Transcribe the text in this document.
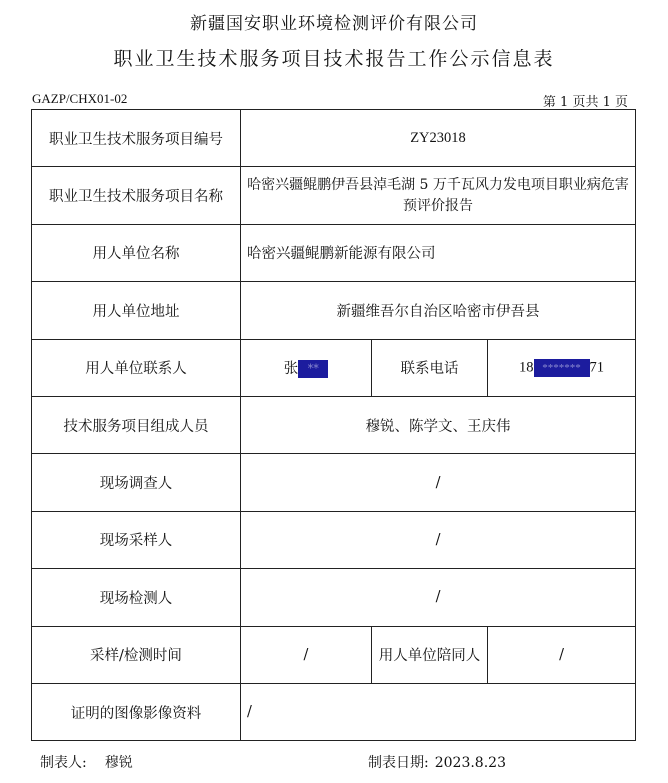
新疆国安职业环境检测评价有限公司
职业卫生技术服务项目技术报告工作公示信息表
GAZP/CHX01-02	第 1 页共 1 页
职业卫生技术服务项目编号	ZY23018		
职业卫生技术服务项目名称	哈密兴疆鲲鹏伊吾县淖毛湖 5 万千瓦风力发电项目职业病危害预评价报告		
用人单位名称	哈密兴疆鲲鹏新能源有限公司		
用人单位地址	新疆维吾尔自治区哈密市伊吾县		
用人单位联系人	张 **	联系电话	18 ******* 71
技术服务项目组成人员	穆锐、陈学文、王庆伟		
现场调查人	/		
现场采样人	/		
现场检测人	/		
采样/检测时间	/	用人单位陪同人	/
证明的图像影像资料	/		
制表人: 穆锐	制表日期: 2023.8.23
